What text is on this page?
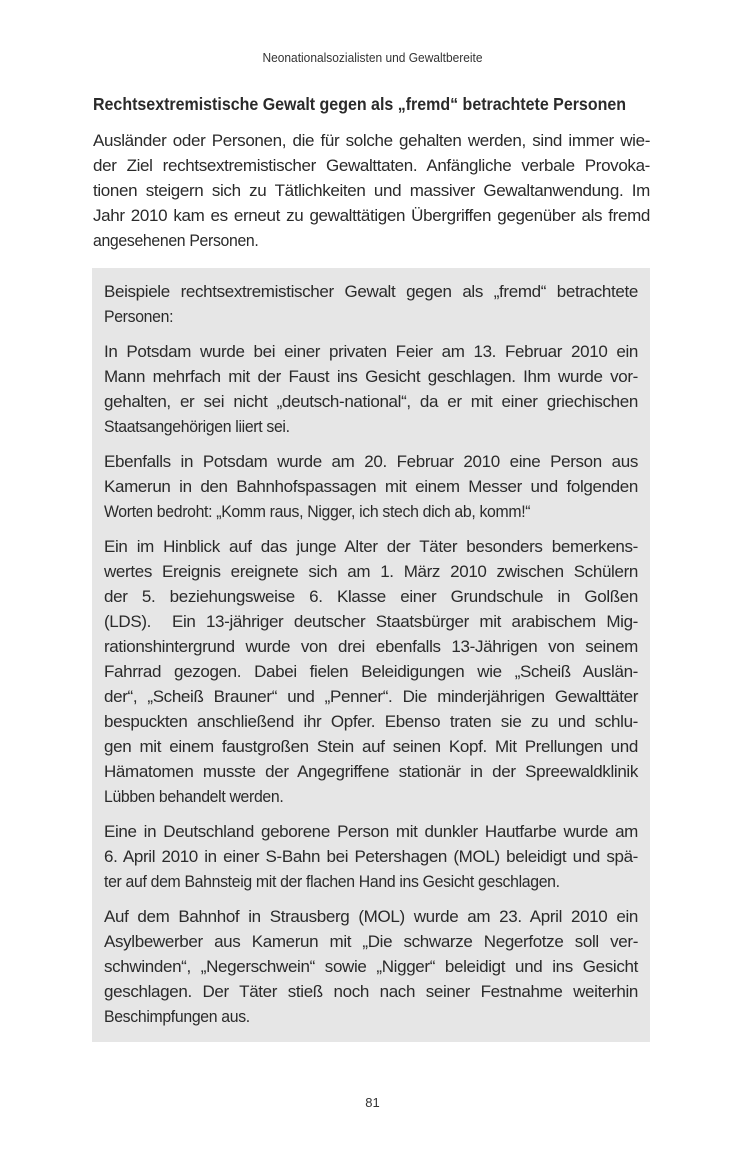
Neonationalsozialisten und Gewaltbereite
Rechtsextremistische Gewalt gegen als „fremd“ betrachtete Personen
Ausländer oder Personen, die für solche gehalten werden, sind immer wie-
der Ziel rechtsextremistischer Gewalttaten. Anfängliche verbale Provoka-
tionen steigern sich zu Tätlichkeiten und massiver Gewaltanwendung. Im
Jahr 2010 kam es erneut zu gewalttätigen Übergriffen gegenüber als fremd
angesehenen Personen.
Beispiele rechtsextremistischer Gewalt gegen als „fremd“ betrachtete
Personen:
In Potsdam wurde bei einer privaten Feier am 13. Februar 2010 ein
Mann mehrfach mit der Faust ins Gesicht geschlagen. Ihm wurde vor-
gehalten, er sei nicht „deutsch-national“, da er mit einer griechischen
Staatsangehörigen liiert sei.
Ebenfalls in Potsdam wurde am 20. Februar 2010 eine Person aus
Kamerun in den Bahnhofspassagen mit einem Messer und folgenden
Worten bedroht: „Komm raus, Nigger, ich stech dich ab, komm!“
Ein im Hinblick auf das junge Alter der Täter besonders bemerkens-
wertes Ereignis ereignete sich am 1. März 2010 zwischen Schülern
der 5. beziehungsweise 6. Klasse einer Grundschule in Golßen
(LDS).  Ein 13-jähriger deutscher Staatsbürger mit arabischem Mig-
rationshintergrund wurde von drei ebenfalls 13-Jährigen von seinem
Fahrrad gezogen. Dabei fielen Beleidigungen wie „Scheiß Auslän-
der“, „Scheiß Brauner“ und „Penner“. Die minderjährigen Gewalttäter
bespuckten anschließend ihr Opfer. Ebenso traten sie zu und schlu-
gen mit einem faustgroßen Stein auf seinen Kopf. Mit Prellungen und
Hämatomen musste der Angegriffene stationär in der Spreewaldklinik
Lübben behandelt werden.
Eine in Deutschland geborene Person mit dunkler Hautfarbe wurde am
6. April 2010 in einer S-Bahn bei Petershagen (MOL) beleidigt und spä-
ter auf dem Bahnsteig mit der flachen Hand ins Gesicht geschlagen.
Auf dem Bahnhof in Strausberg (MOL) wurde am 23. April 2010 ein
Asylbewerber aus Kamerun mit „Die schwarze Negerfotze soll ver-
schwinden“, „Negerschwein“ sowie „Nigger“ beleidigt und ins Gesicht
geschlagen. Der Täter stieß noch nach seiner Festnahme weiterhin
Beschimpfungen aus.
81
